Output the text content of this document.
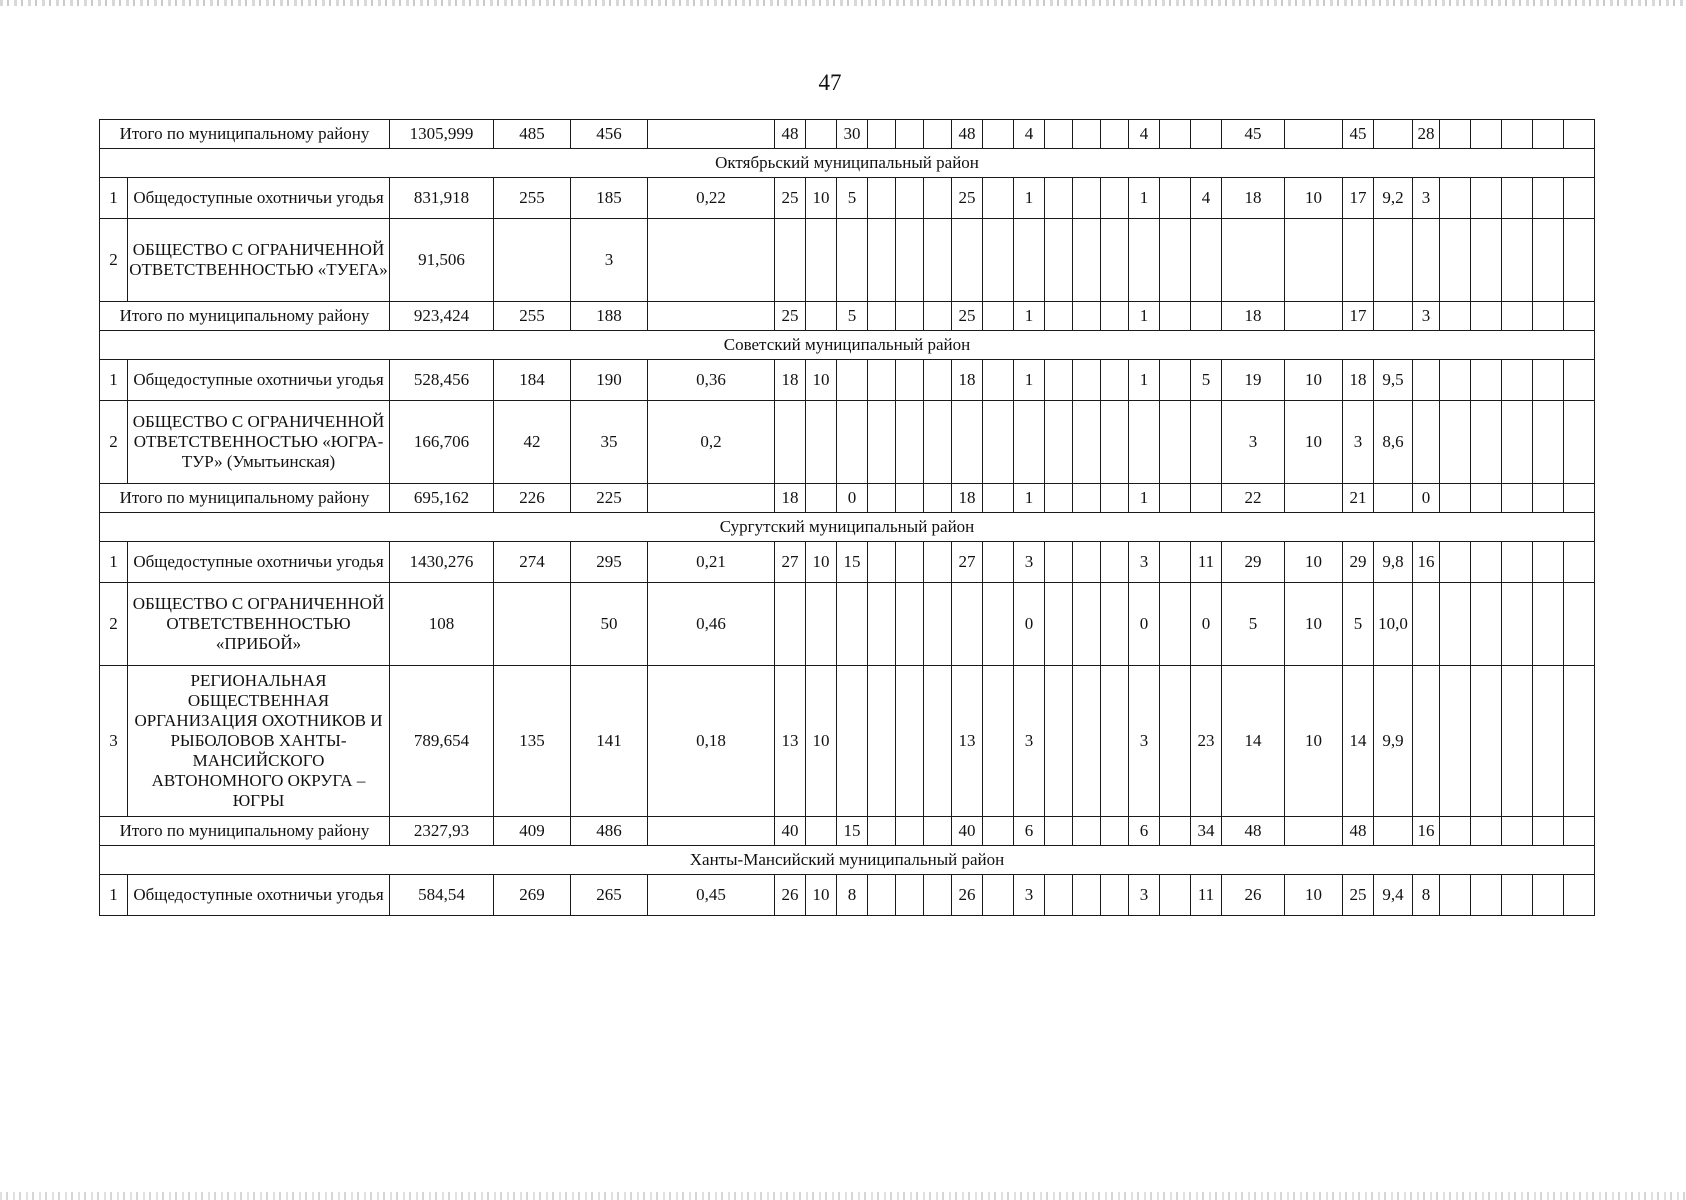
47
Итого по муниципальному району		1305,999	485	456		48		30				48		4				4			45		45		28					
Октябрьский муниципальный район																														
1	Общедоступные охотничьи угодья	831,918	255	185	0,22	25	10	5				25		1				1		4	18	10	17	9,2	3					
2	ОБЩЕСТВО С ОГРАНИЧЕННОЙ ОТВЕТСТВЕННОСТЬЮ «ТУЕГА»	91,506		3																										
Итого по муниципальному району		923,424	255	188		25		5				25		1				1			18		17		3					
Советский муниципальный район																														
1	Общедоступные охотничьи угодья	528,456	184	190	0,36	18	10					18		1				1		5	19	10	18	9,5						
2	ОБЩЕСТВО С ОГРАНИЧЕННОЙ ОТВЕТСТВЕННОСТЬЮ «ЮГРА-ТУР» (Умытьинская)	166,706	42	35	0,2																3	10	3	8,6						
Итого по муниципальному району		695,162	226	225		18		0				18		1				1			22		21		0					
Сургутский муниципальный район																														
1	Общедоступные охотничьи угодья	1430,276	274	295	0,21	27	10	15				27		3				3		11	29	10	29	9,8	16					
2	ОБЩЕСТВО С ОГРАНИЧЕННОЙ ОТВЕТСТВЕННОСТЬЮ «ПРИБОЙ»	108		50	0,46									0				0		0	5	10	5	10,0						
3	РЕГИОНАЛЬНАЯ ОБЩЕСТВЕННАЯ ОРГАНИЗАЦИЯ ОХОТНИКОВ И РЫБОЛОВОВ ХАНТЫ-МАНСИЙСКОГО АВТОНОМНОГО ОКРУГА – ЮГРЫ	789,654	135	141	0,18	13	10					13		3				3		23	14	10	14	9,9						
Итого по муниципальному району		2327,93	409	486		40		15				40		6				6		34	48		48		16					
Ханты-Мансийский муниципальный район																														
1	Общедоступные охотничьи угодья	584,54	269	265	0,45	26	10	8				26		3				3		11	26	10	25	9,4	8					
